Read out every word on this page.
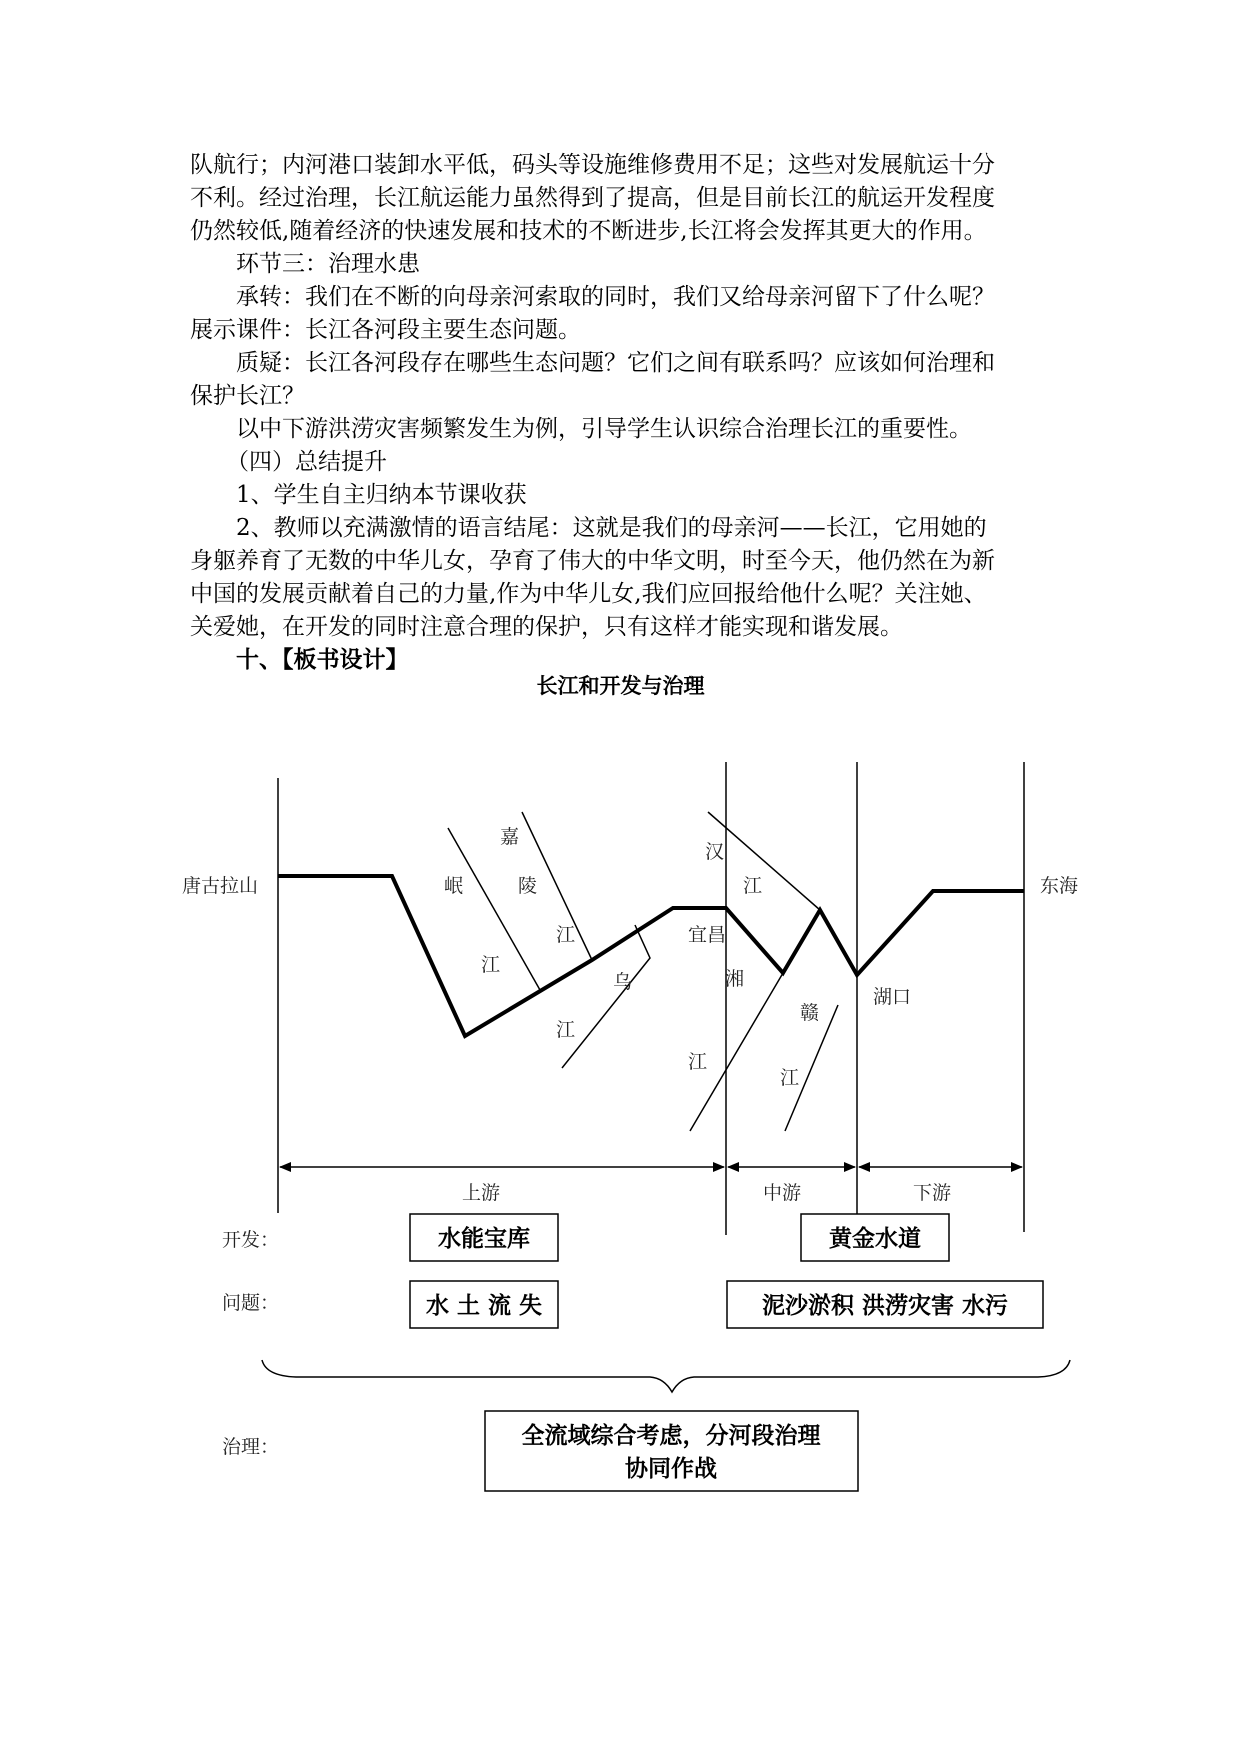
队航行；内河港口装卸水平低，码头等设施维修费用不足；这些对发展航运十分
不利。经过治理，长江航运能力虽然得到了提高，但是目前长江的航运开发程度
仍然较低,随着经济的快速发展和技术的不断进步,长江将会发挥其更大的作用。
环节三：治理水患
承转：我们在不断的向母亲河索取的同时，我们又给母亲河留下了什么呢？
展示课件：长江各河段主要生态问题。
质疑：长江各河段存在哪些生态问题？它们之间有联系吗？应该如何治理和
保护长江？
以中下游洪涝灾害频繁发生为例，引导学生认识综合治理长江的重要性。
（四）总结提升
1、学生自主归纳本节课收获
2、教师以充满激情的语言结尾：这就是我们的母亲河——长江，它用她的
身躯养育了无数的中华儿女，孕育了伟大的中华文明，时至今天，他仍然在为新
中国的发展贡献着自己的力量,作为中华儿女,我们应回报给他什么呢？关注她、
关爱她，在开发的同时注意合理的保护，只有这样才能实现和谐发展。
十、【板书设计】
长江和开发与治理
唐古拉山	东海
岷
江
嘉
陵
江
乌
江
汉
江
宜昌
湘
江
赣
江
湖口
上游	中游	下游
开发：
问题：
治理：
水能宝库	黄金水道
水 土 流 失	泥沙淤积 洪涝灾害 水污
全流域综合考虑，分河段治理
协同作战
